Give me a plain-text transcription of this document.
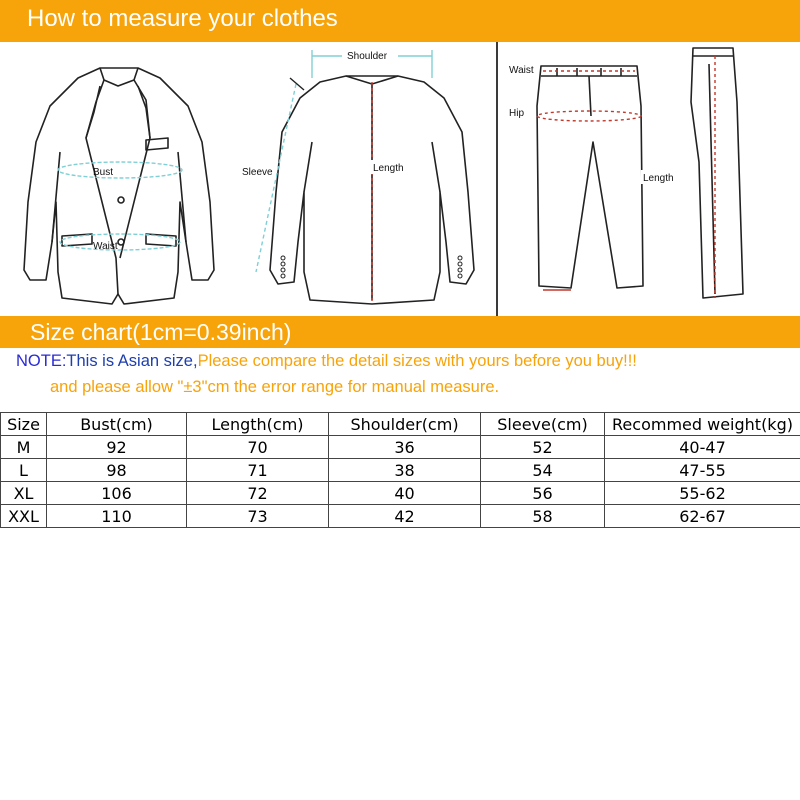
How to measure your clothes
Bust
Waist
Shoulder
Sleeve	Length
Waist
Hip
Length
Size chart(1cm=0.39inch)
NOTE:This is Asian size,Please compare the detail sizes with yours before you buy!!!
and please allow "±3"cm the error range for manual measure.
Size	Bust(cm)	Length(cm)	Shoulder(cm)	Sleeve(cm)	Recommed weight(kg)
M	92	70	36	52	40-47
L	98	71	38	54	47-55
XL	106	72	40	56	55-62
XXL	110	73	42	58	62-67
